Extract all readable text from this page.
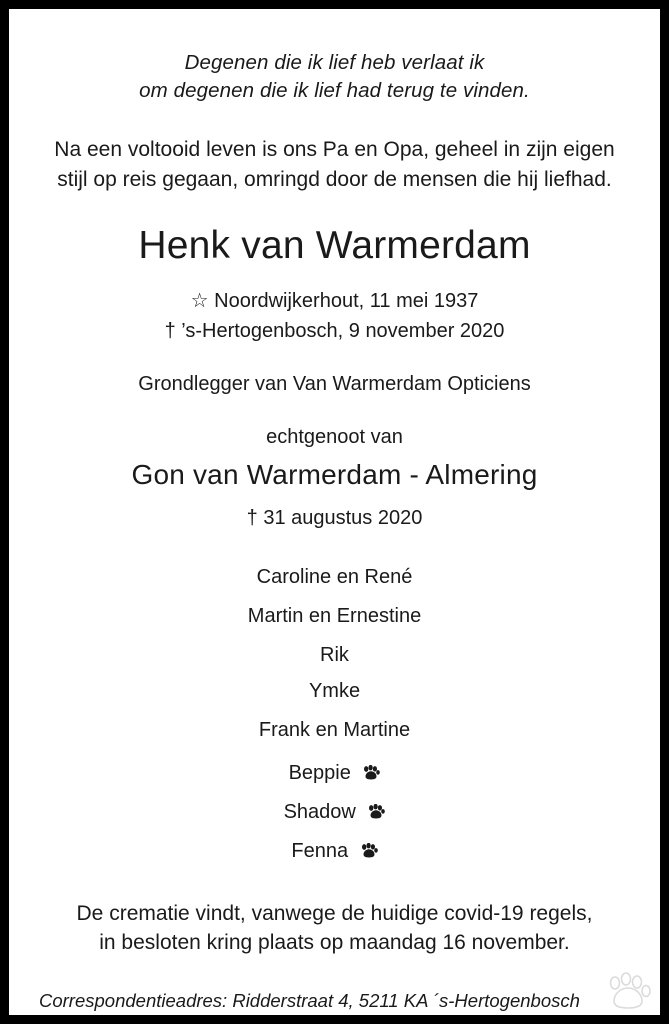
Degenen die ik lief heb verlaat ik
om degenen die ik lief had terug te vinden.
Na een voltooid leven is ons Pa en Opa, geheel in zijn eigen
stijl op reis gegaan, omringd door de mensen die hij liefhad.
Henk van Warmerdam
☆ Noordwijkerhout, 11 mei 1937
† ’s-Hertogenbosch, 9 november 2020
Grondlegger van Van Warmerdam Opticiens
echtgenoot van
Gon van Warmerdam - Almering
† 31 augustus 2020
Caroline en René
Martin en Ernestine
Rik
Ymke
Frank en Martine
Beppie
Shadow
Fenna
De crematie vindt, vanwege de huidige covid-19 regels,
in besloten kring plaats op maandag 16 november.
Correspondentieadres: Ridderstraat 4, 5211 KA ´s-Hertogenbosch
